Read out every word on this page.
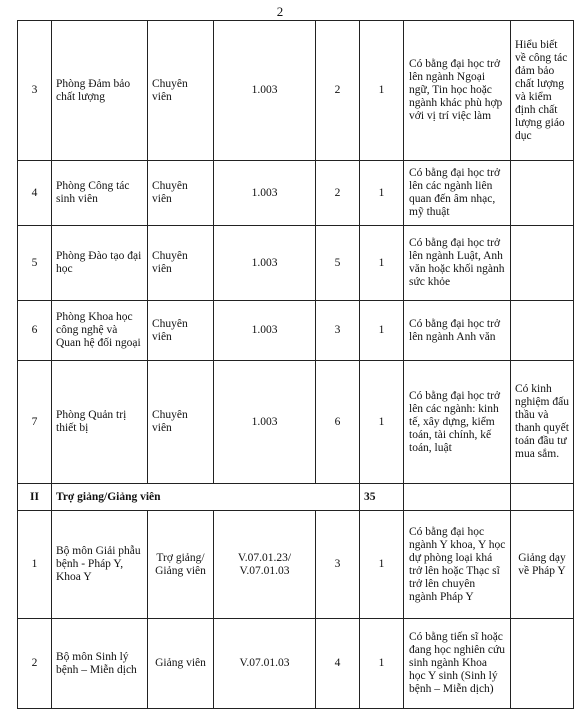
2
3	Phòng Đảm bảo chất lượng	Chuyên viên	1.003	2	1	Có bằng đại học trở lên ngành Ngoại ngữ, Tin học hoặc ngành khác phù hợp với vị trí việc làm	Hiểu biết về công tác đảm bảo chất lượng và kiểm định chất lượng giáo dục
4	Phòng Công tác sinh viên	Chuyên viên	1.003	2	1	Có bằng đại học trở lên các ngành liên quan đến âm nhạc, mỹ thuật	
5	Phòng Đào tạo đại học	Chuyên viên	1.003	5	1	Có bằng đại học trở lên ngành Luật, Anh văn hoặc khối ngành sức khỏe	
6	Phòng Khoa học công nghệ và Quan hệ đối ngoại	Chuyên viên	1.003	3	1	Có bằng đại học trở lên ngành Anh văn	
7	Phòng Quản trị thiết bị	Chuyên viên	1.003	6	1	Có bằng đại học trở lên các ngành: kinh tế, xây dựng, kiểm toán, tài chính, kế toán, luật	Có kinh nghiệm đấu thầu và thanh quyết toán đầu tư mua sắm.
II	Trợ giảng/Giảng viên				35		
1	Bộ môn Giải phẫu bệnh - Pháp Y, Khoa Y	Trợ giảng/ Giảng viên	V.07.01.23/ V.07.01.03	3	1	Có bằng đại học ngành Y khoa, Y học dự phòng loại khá trở lên hoặc Thạc sĩ trở lên chuyên ngành Pháp Y	Giảng dạy về Pháp Y
2	Bộ môn Sinh lý bệnh – Miễn dịch	Giảng viên	V.07.01.03	4	1	Có bằng tiến sĩ hoặc đang học nghiên cứu sinh ngành Khoa học Y sinh (Sinh lý bệnh – Miễn dịch)	
